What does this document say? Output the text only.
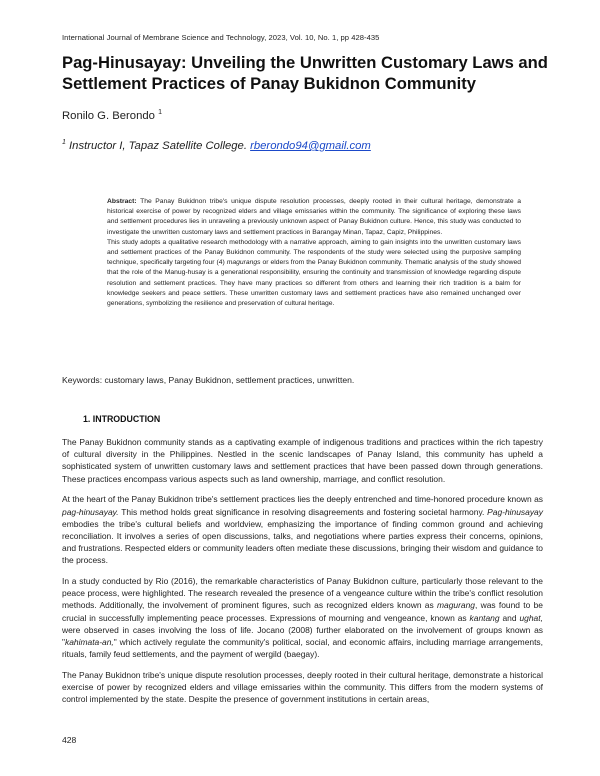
International Journal of Membrane Science and Technology, 2023, Vol. 10, No. 1, pp 428-435
Pag-Hinusayay: Unveiling the Unwritten Customary Laws and Settlement Practices of Panay Bukidnon Community
Ronilo G. Berondo $^1$
$^1$ Instructor I, Tapaz Satellite College. rberondo94@gmail.com

Abstract: The Panay Bukidnon tribe's unique dispute resolution processes, deeply rooted in their cultural heritage, demonstrate a historical exercise of power by recognized elders and village emissaries within the community. The significance of exploring these laws and settlement procedures lies in unraveling a previously unknown aspect of Panay Bukidnon culture. Hence, this study was conducted to investigate the unwritten customary laws and settlement practices in Barangay Minan, Tapaz, Capiz, Philippines.

This study adopts a qualitative research methodology with a narrative approach, aiming to gain insights into the unwritten customary laws and settlement practices of the Panay Bukidnon community. The respondents of the study were selected using the purposive sampling technique, specifically targeting four (4) magurangs or elders from the Panay Bukidnon community. Thematic analysis of the study showed that the role of the Manug-husay is a generational responsibility, ensuring the continuity and transmission of knowledge regarding dispute resolution and settlement practices. They have many practices so different from others and learning their rich tradition is a balm for knowledge seekers and peace settlers. These unwritten customary laws and settlement practices have also remained unchanged over generations, symbolizing the resilience and preservation of cultural heritage.

Keywords: customary laws, Panay Bukidnon, settlement practices, unwritten.
1. INTRODUCTION

The Panay Bukidnon community stands as a captivating example of indigenous traditions and practices within the rich tapestry of cultural diversity in the Philippines. Nestled in the scenic landscapes of Panay Island, this community has upheld a sophisticated system of unwritten customary laws and settlement practices that have been passed down through generations. These practices encompass various aspects such as land ownership, marriage, and conflict resolution.

At the heart of the Panay Bukidnon tribe's settlement practices lies the deeply entrenched and time-honored procedure known as pag-hinusayay. This method holds great significance in resolving disagreements and fostering societal harmony. Pag-hinusayay embodies the tribe's cultural beliefs and worldview, emphasizing the importance of finding common ground and achieving reconciliation. It involves a series of open discussions, talks, and negotiations where parties express their concerns, opinions, and frustrations. Respected elders or community leaders often mediate these discussions, bringing their wisdom and guidance to the process.

In a study conducted by Rio (2016), the remarkable characteristics of Panay Bukidnon culture, particularly those relevant to the peace process, were highlighted. The research revealed the presence of a vengeance culture within the tribe's conflict resolution methods. Additionally, the involvement of prominent figures, such as recognized elders known as magurang, was found to be crucial in successfully implementing peace processes. Expressions of mourning and vengeance, known as kantang and ughat, were observed in cases involving the loss of life. Jocano (2008) further elaborated on the involvement of groups known as "kahimata-an," which actively regulate the community's political, social, and economic affairs, including marriage arrangements, rituals, family feud settlements, and the payment of wergild (baegay).

The Panay Bukidnon tribe's unique dispute resolution processes, deeply rooted in their cultural heritage, demonstrate a historical exercise of power by recognized elders and village emissaries within the community. This differs from the modern systems of control implemented by the state. Despite the presence of government institutions in certain areas,

428
